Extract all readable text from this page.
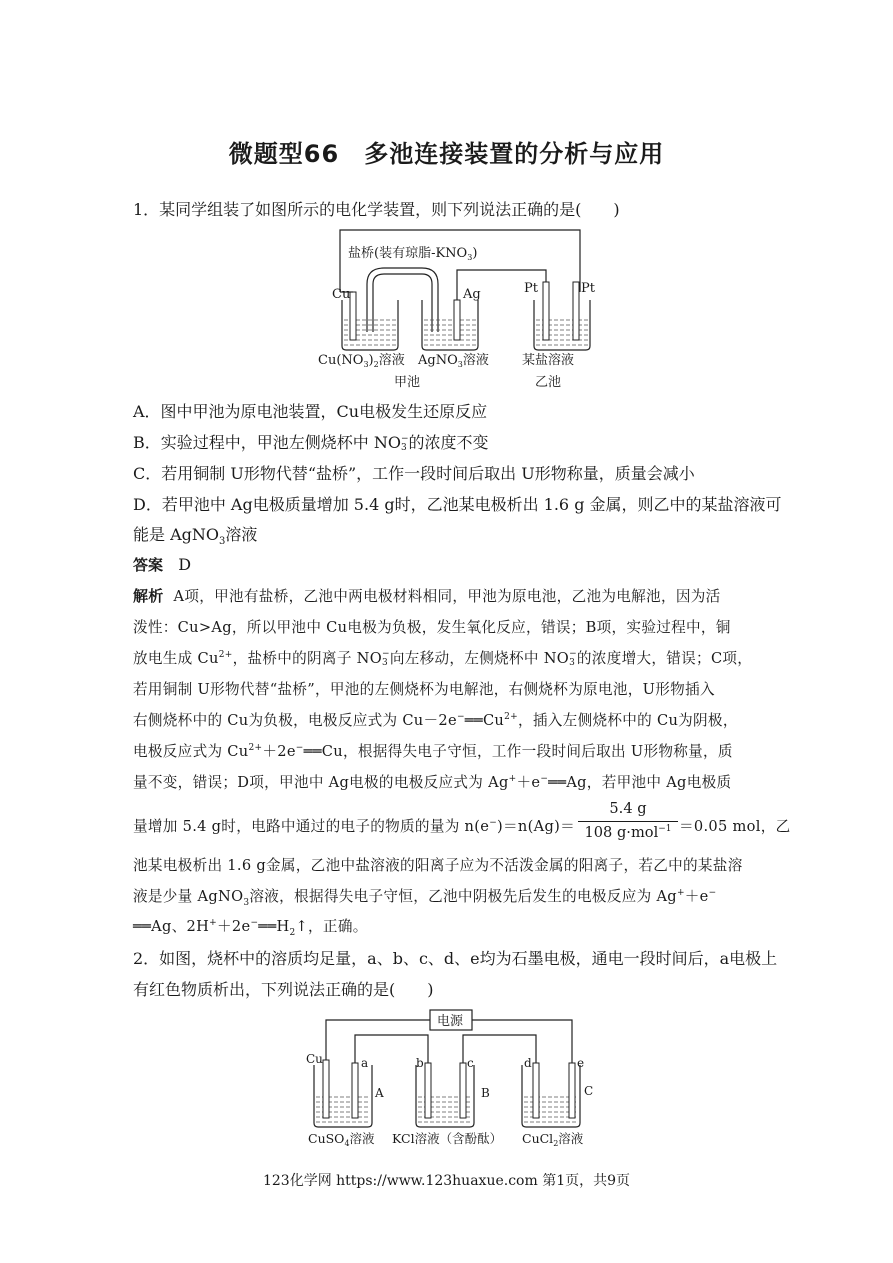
微题型66　多池连接装置的分析与应用
1．某同学组装了如图所示的电化学装置，则下列说法正确的是(　　)
盐桥(装有琼脂$-KNO_3$)
Cu	Ag	Pt	Pt
$Cu(NO_3)_2$溶液 AgNO$_3$溶液	某盐溶液
甲池	乙池
A．图中甲池为原电池装置，Cu电极发生还原反应
B．实验过程中，甲池左侧烧杯中 NO −
3 的浓度不变
C．若用铜制 U形物代替“盐桥”，工作一段时间后取出 U形物称量，质量会减小
D．若甲池中 Ag电极质量增加 5.4 g时，乙池某电极析出 1.6 g 金属，则乙中的某盐溶液可
能是 AgNO$_3$溶液
答案 D
解析 A项，甲池有盐桥，乙池中两电极材料相同，甲池为原电池，乙池为电解池，因为活
泼性：Cu>Ag，所以甲池中 Cu电极为负极，发生氧化反应，错误；B项，实验过程中，铜
放电生成 $Cu^{2+}$，盐桥中的阴离子 NO −
3 向左移动，左侧烧杯中 NO −
3 的浓度增大，错误；C项，
若用铜制 U形物代替“盐桥”，甲池的左侧烧杯为电解池，右侧烧杯为原电池，U形物插入
右侧烧杯中的 Cu为负极，电极反应式为 $Cu-2e^-══Cu^{2+}$，插入左侧烧杯中的 Cu为阴极，
电极反应式为 $Cu^{2+}+2e^-══Cu$，根据得失电子守恒，工作一段时间后取出 U形物称量，质
量不变，错误；D项，甲池中 Ag电极的电极反应式为 Ag+＋e−══Ag，若甲池中 Ag电极质
量增加 5.4 g时，电路中通过的电子的物质的量为 n(e−)＝n(Ag)＝	＝0.05 mol，乙
5.4 g
108 g·mol$^{-1}$
池某电极析出 1.6 g金属，乙池中盐溶液的阳离子应为不活泼金属的阳离子，若乙中的某盐溶
液是少量 AgNO$_3$溶液，根据得失电子守恒，乙池中阴极先后发生的电极反应为 Ag+＋e−
══Ag、$2H^++2e^-══H_2↑$，正确。
2．如图，烧杯中的溶质均足量，a、b、c、d、e均为石墨电极，通电一段时间后，a电极上
有红色物质析出，下列说法正确的是(　　)
电源
Cu	a
A
b	c
B
d	e
C
CuSO$_4$溶液 KCl溶液（含酚酞） CuCl$_2$溶液
123化学网 https://www.123huaxue.com 第1页，共9页
